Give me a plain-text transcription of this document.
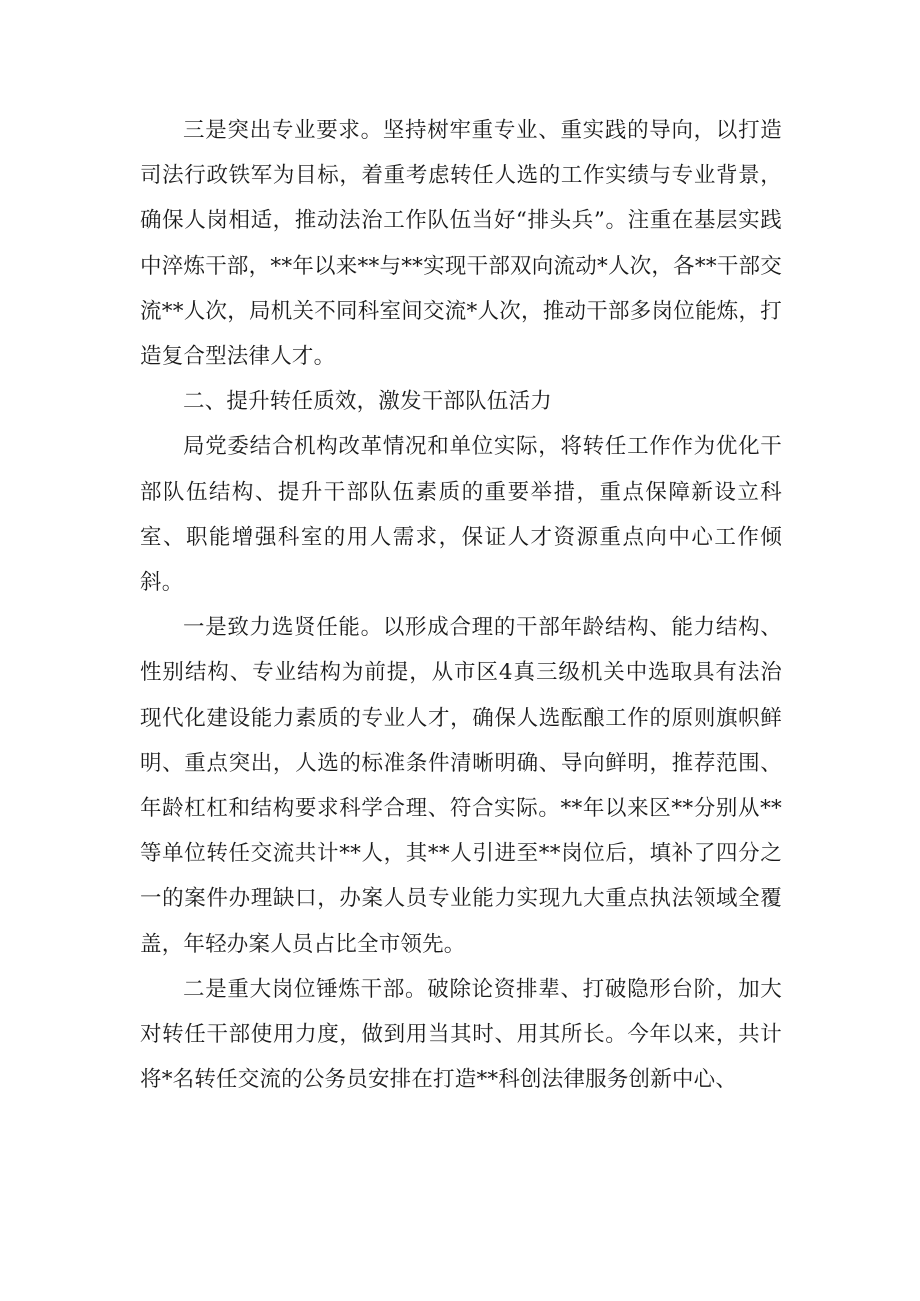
三是突出专业要求。坚持树牢重专业、重实践的导向，以打造司法行政铁军为目标，着重考虑转任人选的工作实绩与专业背景，确保人岗相适，推动法治工作队伍当好“排头兵”。注重在基层实践中淬炼干部，**年以来**与**实现干部双向流动*人次，各**干部交流**人次，局机关不同科室间交流*人次，推动干部多岗位能炼，打造复合型法律人才。

二、提升转任质效，激发干部队伍活力

局党委结合机构改革情况和单位实际，将转任工作作为优化干部队伍结构、提升干部队伍素质的重要举措，重点保障新设立科室、职能增强科室的用人需求，保证人才资源重点向中心工作倾斜。

一是致力选贤任能。以形成合理的干部年龄结构、能力结构、性别结构、专业结构为前提，从市区4真三级机关中选取具有法治现代化建设能力素质的专业人才，确保人选酝酿工作的原则旗帜鲜明、重点突出，人选的标准条件清晰明确、导向鲜明，推荐范围、年龄杠杠和结构要求科学合理、符合实际。**年以来区**分别从**等单位转任交流共计**人，其**人引进至**岗位后，填补了四分之一的案件办理缺口，办案人员专业能力实现九大重点执法领域全覆盖，年轻办案人员占比全市领先。

二是重大岗位锤炼干部。破除论资排辈、打破隐形台阶，加大对转任干部使用力度，做到用当其时、用其所长。今年以来，共计将*名转任交流的公务员安排在打造**科创法律服务创新中心、
